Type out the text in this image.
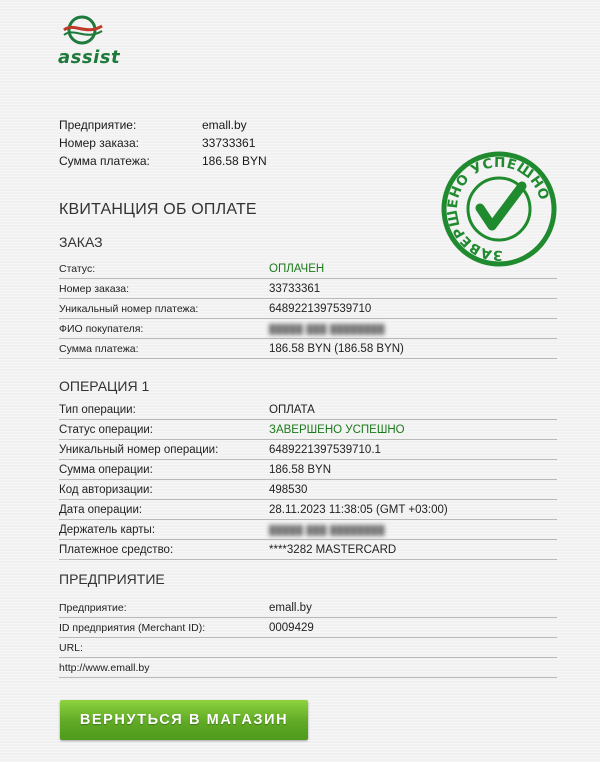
assist
Предприятие:	emall.by
Номер заказа:	33733361
Сумма платежа:	186.58 BYN
КВИТАНЦИЯ ОБ ОПЛАТЕ
ЗАВЕРШЕНО УСПЕШНО
ЗАКАЗ
Статус:	ОПЛАЧЕН
Номер заказа:	33733361
Уникальный номер платежа:	6489221397539710
ФИО покупателя:	█████ ███ ████████
Сумма платежа:	186.58 BYN (186.58 BYN)
ОПЕРАЦИЯ 1
Тип операции:	ОПЛАТА
Статус операции:	ЗАВЕРШЕНО УСПЕШНО
Уникальный номер операции:	6489221397539710.1
Сумма операции:	186.58 BYN
Код авторизации:	498530
Дата операции:	28.11.2023 11:38:05 (GMT +03:00)
Держатель карты:	█████ ███ ████████
Платежное средство:	****3282 MASTERCARD
ПРЕДПРИЯТИЕ
Предприятие:	emall.by
ID предприятия (Merchant ID):	0009429
URL:	
http://www.emall.by	
ВЕРНУТЬСЯ В МАГАЗИН
